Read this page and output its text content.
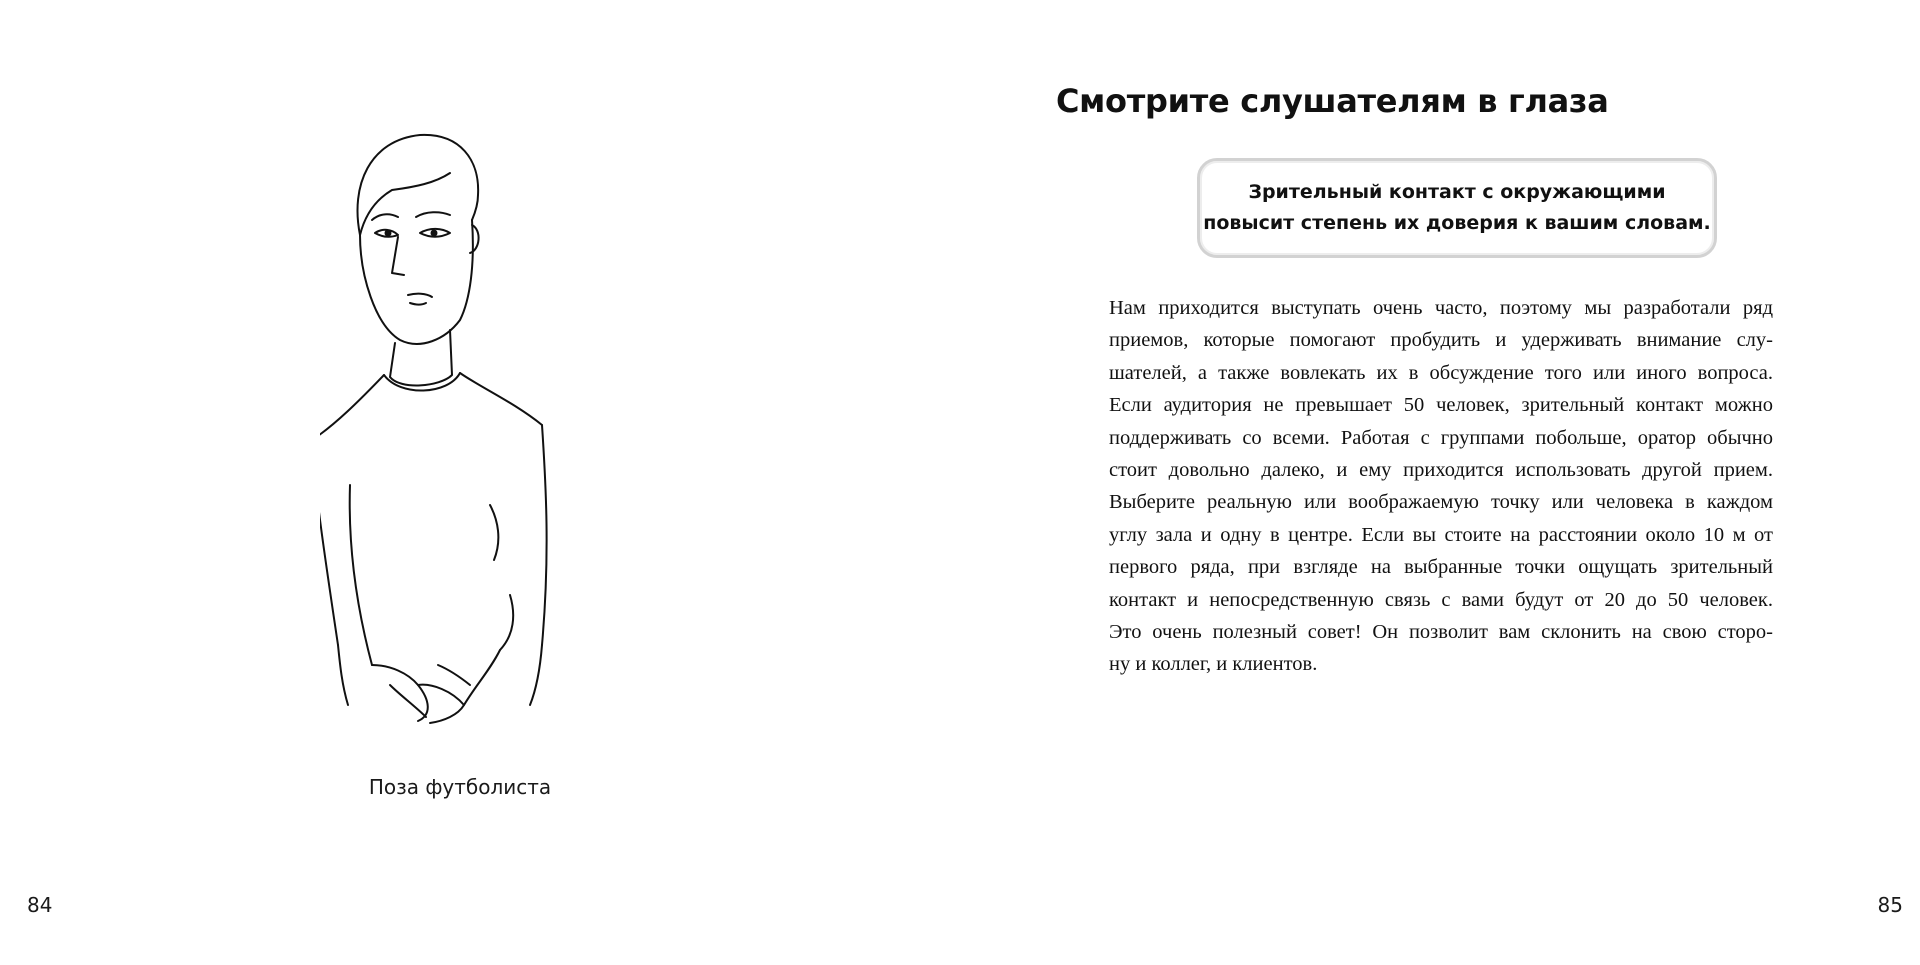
Поза футболиста
84
Смотрите слушателям в глаза
Зрительный контакт с окружающими
повысит степень их доверия к вашим словам.
Нам приходится выступать очень часто, поэтому мы разработали ряд
приемов, которые помогают пробудить и удерживать внимание слу-
шателей, а также вовлекать их в обсуждение того или иного вопроса.
Если аудитория не превышает 50 человек, зрительный контакт можно
поддерживать со всеми. Работая с группами побольше, оратор обычно
стоит довольно далеко, и ему приходится использовать другой прием.
Выберите реальную или воображаемую точку или человека в каждом
углу зала и одну в центре. Если вы стоите на расстоянии около 10 м от
первого ряда, при взгляде на выбранные точки ощущать зрительный
контакт и непосредственную связь с вами будут от 20 до 50 человек.
Это очень полезный совет! Он позволит вам склонить на свою сторо-
ну и коллег, и клиентов.
85
